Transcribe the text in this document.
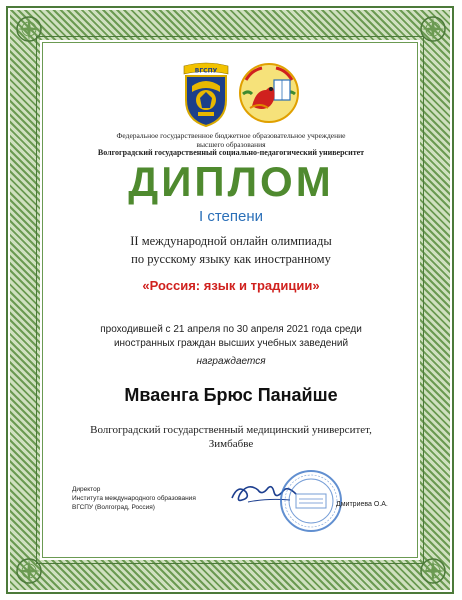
ВГСПУ

Федеральное государственное бюджетное образовательное учреждение

высшего образования

Волгоградский государственный социально-педагогический университет

ДИПЛОМ

I степени

II международной онлайн олимпиады

по русскому языку как иностранному

«Россия: язык и традиции»

проходившей с 21 апреля по 30 апреля 2021 года среди

иностранных граждан высших учебных заведений

награждается

Мваенга Брюс Панайше

Волгоградский государственный медицинский университет,

Зимбабве

Директор
Института международного образования
ВГСПУ (Волгоград, Россия)	Дмитриева О.А.
